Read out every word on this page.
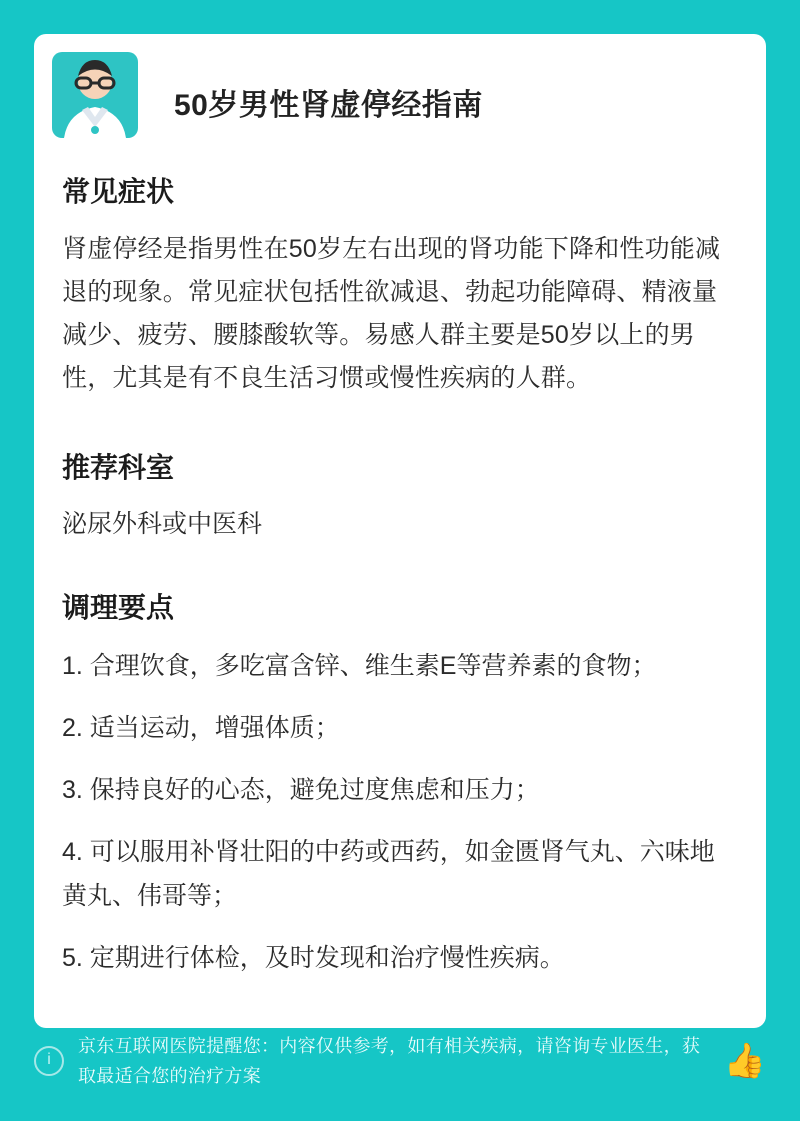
50岁男性肾虚停经指南
常见症状

肾虚停经是指男性在50岁左右出现的肾功能下降和性功能减退的现象。常见症状包括性欲减退、勃起功能障碍、精液量减少、疲劳、腰膝酸软等。易感人群主要是50岁以上的男性，尤其是有不良生活习惯或慢性疾病的人群。

推荐科室

泌尿外科或中医科

调理要点
1. 合理饮食，多吃富含锌、维生素E等营养素的食物；
2. 适当运动，增强体质；
3. 保持良好的心态，避免过度焦虑和压力；
4. 可以服用补肾壮阳的中药或西药，如金匮肾气丸、六味地黄丸、伟哥等；
5. 定期进行体检，及时发现和治疗慢性疾病。
i
京东互联网医院提醒您：内容仅供参考，如有相关疾病，请咨询专业医生，获取最适合您的治疗方案	👍
